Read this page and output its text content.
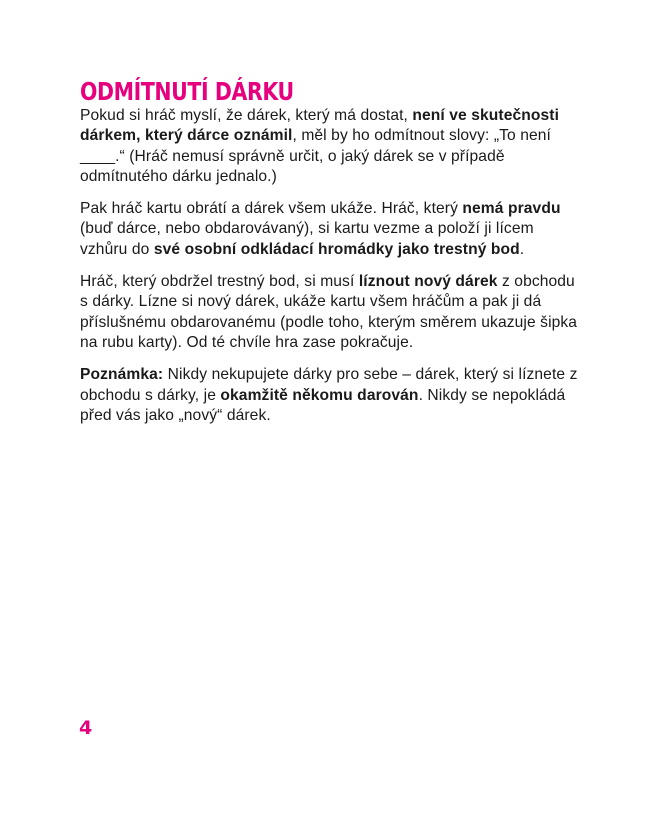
ODMÍTNUTÍ DÁRKU

Pokud si hráč myslí, že dárek, který má dostat, není ve skutečnosti dárkem, který dárce oznámil, měl by ho odmítnout slovy: „To není ____.“ (Hráč nemusí správně určit, o jaký dárek se v případě odmítnutého dárku jednalo.)

Pak hráč kartu obrátí a dárek všem ukáže. Hráč, který nemá pravdu (buď dárce, nebo obdarovávaný), si kartu vezme a položí ji lícem vzhůru do své osobní odkládací hromádky jako trestný bod.

Hráč, který obdržel trestný bod, si musí líznout nový dárek z obchodu s dárky. Lízne si nový dárek, ukáže kartu všem hráčům a pak ji dá příslušnému obdarovanému (podle toho, kterým směrem ukazuje šipka na rubu karty). Od té chvíle hra zase pokračuje.

Poznámka: Nikdy nekupujete dárky pro sebe – dárek, který si líznete z obchodu s dárky, je okamžitě někomu darován. Nikdy se nepokládá před vás jako „nový“ dárek.

4
